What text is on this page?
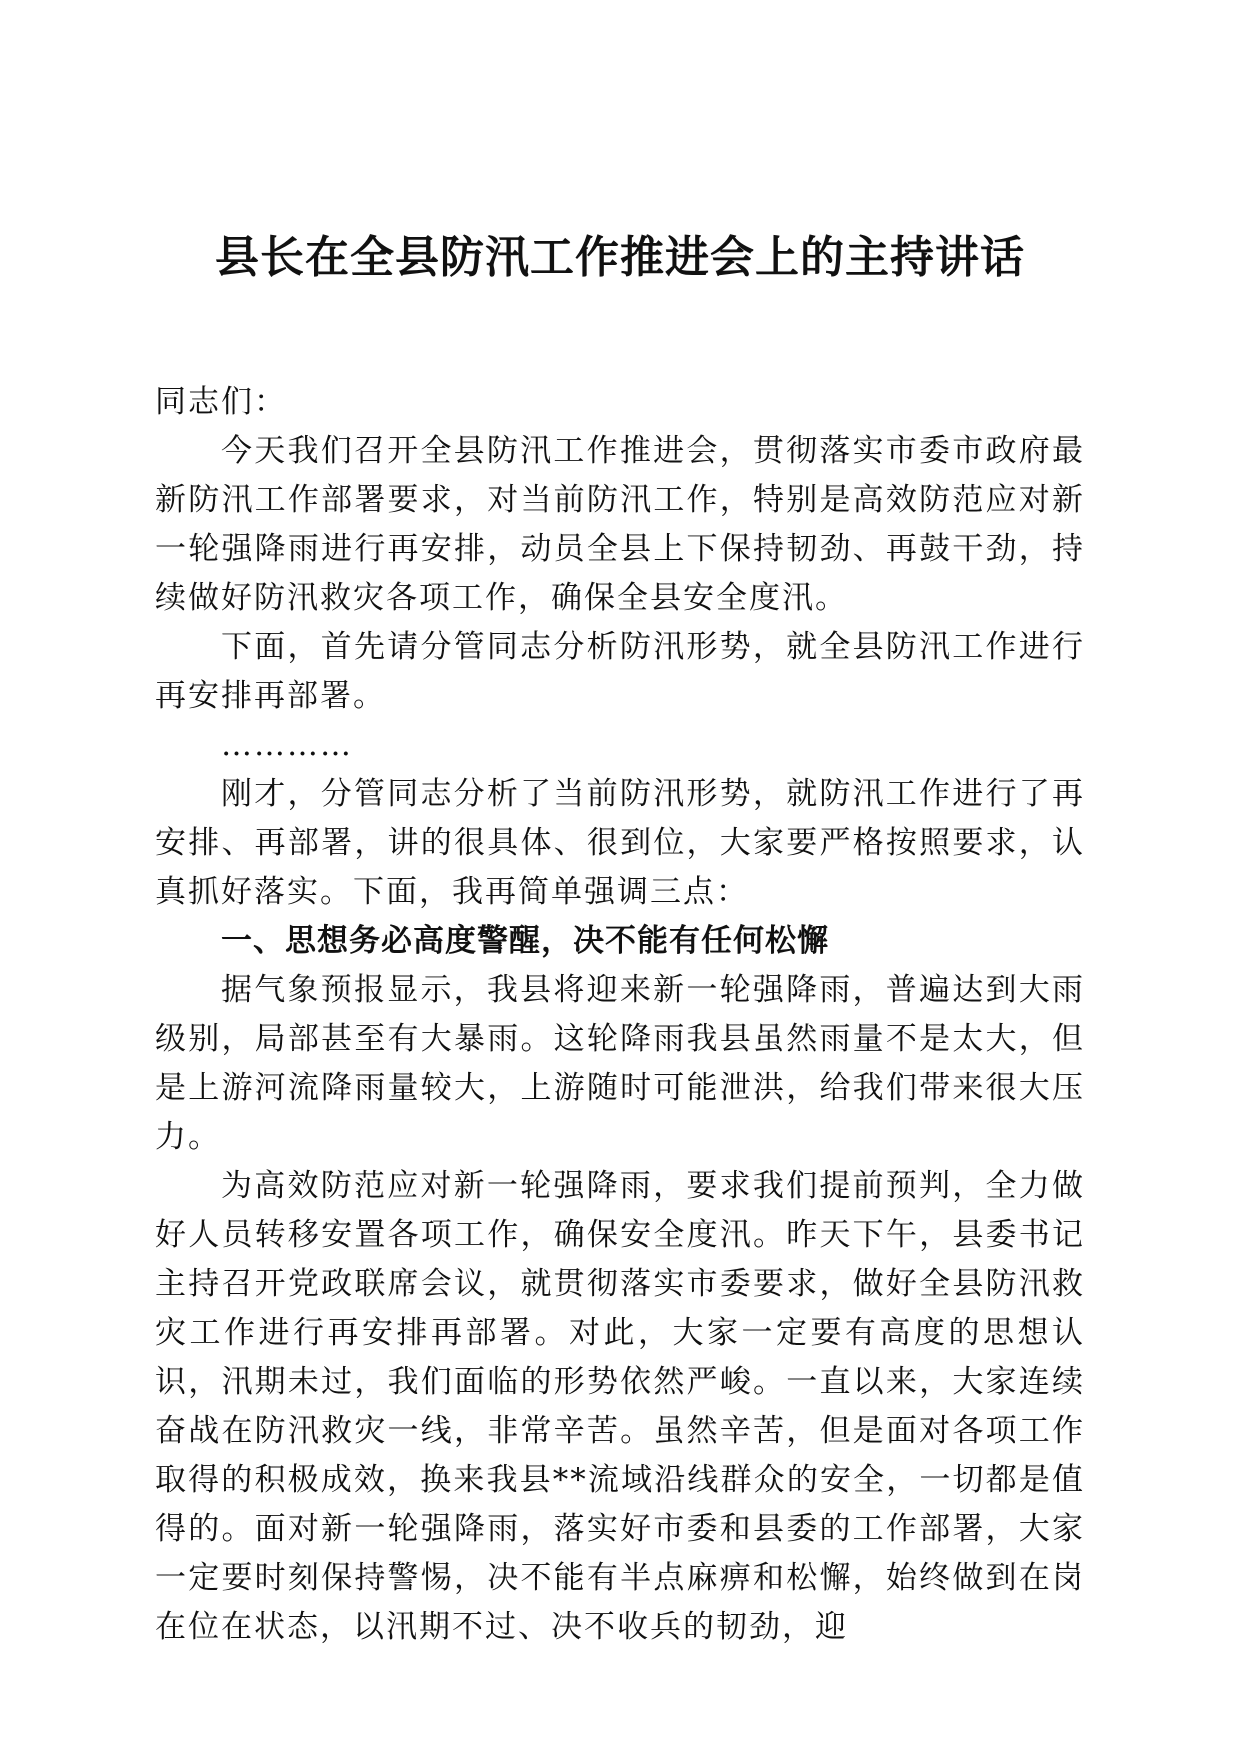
县长在全县防汛工作推进会上的主持讲话

同志们：

今天我们召开全县防汛工作推进会，贯彻落实市委市政府最新防汛工作部署要求，对当前防汛工作，特别是高效防范应对新一轮强降雨进行再安排，动员全县上下保持韧劲、再鼓干劲，持续做好防汛救灾各项工作，确保全县安全度汛。

下面，首先请分管同志分析防汛形势，就全县防汛工作进行再安排再部署。

…………

刚才，分管同志分析了当前防汛形势，就防汛工作进行了再安排、再部署，讲的很具体、很到位，大家要严格按照要求，认真抓好落实。下面，我再简单强调三点：

一、思想务必高度警醒，决不能有任何松懈

据气象预报显示，我县将迎来新一轮强降雨，普遍达到大雨级别，局部甚至有大暴雨。这轮降雨我县虽然雨量不是太大，但是上游河流降雨量较大，上游随时可能泄洪，给我们带来很大压力。

为高效防范应对新一轮强降雨，要求我们提前预判，全力做好人员转移安置各项工作，确保安全度汛。昨天下午，县委书记主持召开党政联席会议，就贯彻落实市委要求，做好全县防汛救灾工作进行再安排再部署。对此，大家一定要有高度的思想认识，汛期未过，我们面临的形势依然严峻。一直以来，大家连续奋战在防汛救灾一线，非常辛苦。虽然辛苦，但是面对各项工作取得的积极成效，换来我县**流域沿线群众的安全，一切都是值得的。面对新一轮强降雨，落实好市委和县委的工作部署，大家一定要时刻保持警惕，决不能有半点麻痹和松懈，始终做到在岗在位在状态，以汛期不过、决不收兵的韧劲，迎
